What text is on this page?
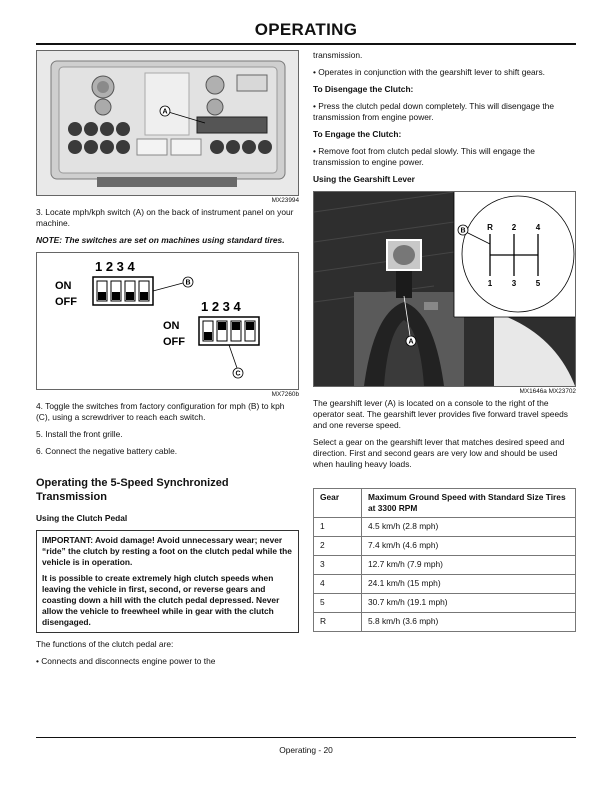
OPERATING
A
MX23994

3. Locate mph/kph switch (A) on the back of instrument panel on your machine.

NOTE: The switches are set on machines using standard tires.

1 2 3 4
ON
OFF
B
1 2 3 4
ON
OFF
C
MX7260b

4. Toggle the switches from factory configuration for mph (B) to kph (C), using a screwdriver to reach each switch.

5. Install the front grille.

6. Connect the negative battery cable.

Operating the 5-Speed Synchronized Transmission

Using the Clutch Pedal

IMPORTANT: Avoid damage! Avoid unnecessary wear; never “ride” the clutch by resting a foot on the clutch pedal while the vehicle is in operation.

It is possible to create extremely high clutch speeds when leaving the vehicle in first, second, or reverse gears and coasting down a hill with the clutch pedal depressed. Never allow the vehicle to freewheel while in gear with the clutch disengaged.

The functions of the clutch pedal are:

• Connects and disconnects engine power to the

transmission.

• Operates in conjunction with the gearshift lever to shift gears.

To Disengage the Clutch:

• Press the clutch pedal down completely. This will disengage the transmission from engine power.

To Engage the Clutch:

• Remove foot from clutch pedal slowly. This will engage the transmission to engine power.

Using the Gearshift Lever

A
R 2 4
1 3 5
B
MX1646a MX23702

The gearshift lever (A) is located on a console to the right of the operator seat. The gearshift lever provides five forward travel speeds and one reverse speed.

Select a gear on the gearshift lever that matches desired speed and direction. First and second gears are very low and should be used when hauling heavy loads.

Gear	Maximum Ground Speed with Standard Size Tires at 3300 RPM
1	4.5 km/h (2.8 mph)
2	7.4 km/h (4.6 mph)
3	12.7 km/h (7.9 mph)
4	24.1 km/h (15 mph)
5	30.7 km/h (19.1 mph)
R	5.8 km/h (3.6 mph)
Operating - 20
